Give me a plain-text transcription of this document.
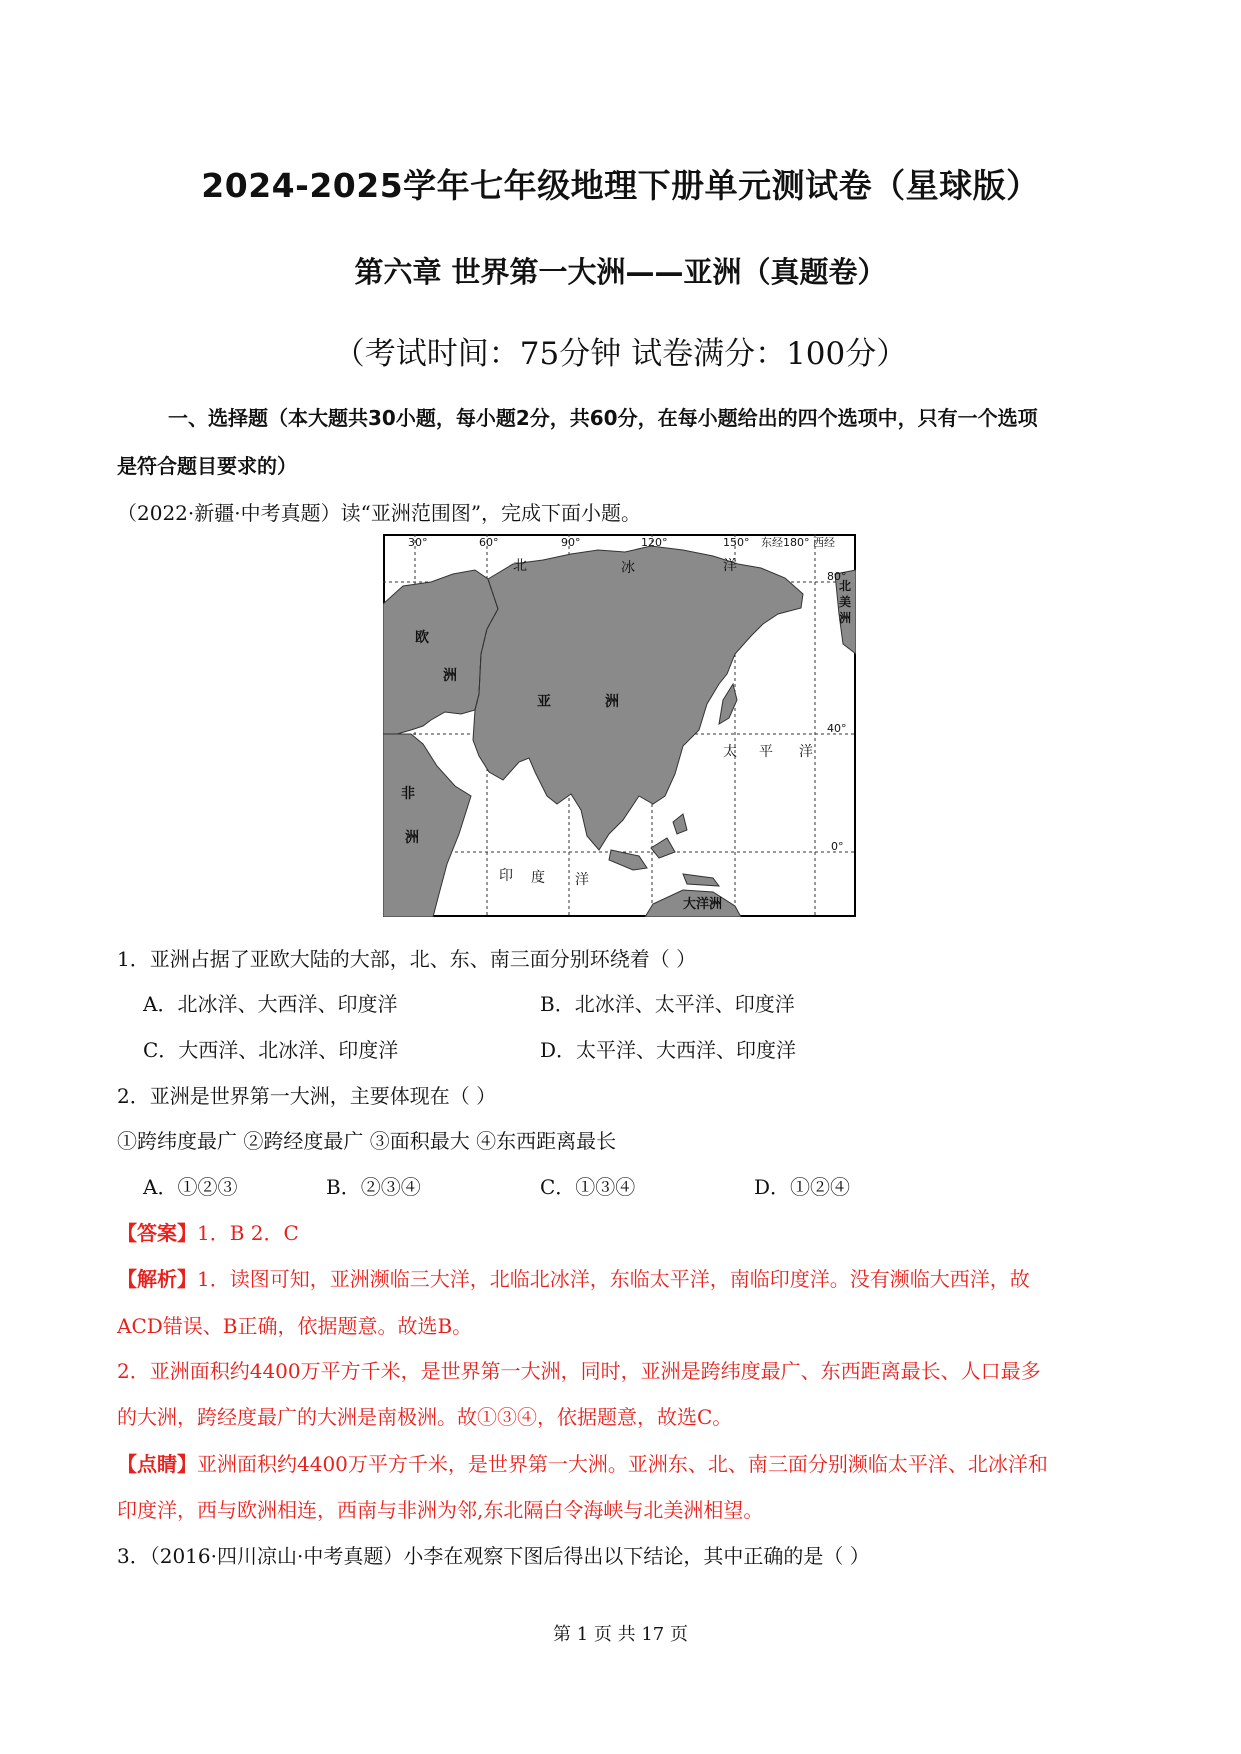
2024-2025学年七年级地理下册单元测试卷（星球版）
第六章 世界第一大洲——亚洲（真题卷）
（考试时间：75分钟 试卷满分：100分）
一、选择题（本大题共30小题，每小题2分，共60分，在每小题给出的四个选项中，只有一个选项
是符合题目要求的）
（2022·新疆·中考真题）读“亚洲范围图”，完成下面小题。
30°	60°	90°	120°	150° 东经180° 西经
80°
40°
0°
北	冰	洋
欧
洲
亚	洲
太 平 洋
非
洲
印 度 洋
大洋洲
北
美
洲
1．亚洲占据了亚欧大陆的大部，北、东、南三面分别环绕着（ ）
A．北冰洋、大西洋、印度洋	B．北冰洋、太平洋、印度洋
C．大西洋、北冰洋、印度洋	D．太平洋、大西洋、印度洋
2．亚洲是世界第一大洲，主要体现在（ ）
①跨纬度最广 ②跨经度最广 ③面积最大 ④东西距离最长
A．①②③	B．②③④	C．①③④	D．①②④
【答案】1．B 2．C
【解析】1．读图可知，亚洲濒临三大洋，北临北冰洋，东临太平洋，南临印度洋。没有濒临大西洋，故
ACD错误、B正确，依据题意。故选B。
2．亚洲面积约4400万平方千米，是世界第一大洲，同时，亚洲是跨纬度最广、东西距离最长、人口最多
的大洲，跨经度最广的大洲是南极洲。故①③④，依据题意，故选C。
【点睛】亚洲面积约4400万平方千米，是世界第一大洲。亚洲东、北、南三面分别濒临太平洋、北冰洋和
印度洋，西与欧洲相连，西南与非洲为邻,东北隔白令海峡与北美洲相望。
3．（2016·四川凉山·中考真题）小李在观察下图后得出以下结论，其中正确的是（ ）
第 1 页 共 17 页
